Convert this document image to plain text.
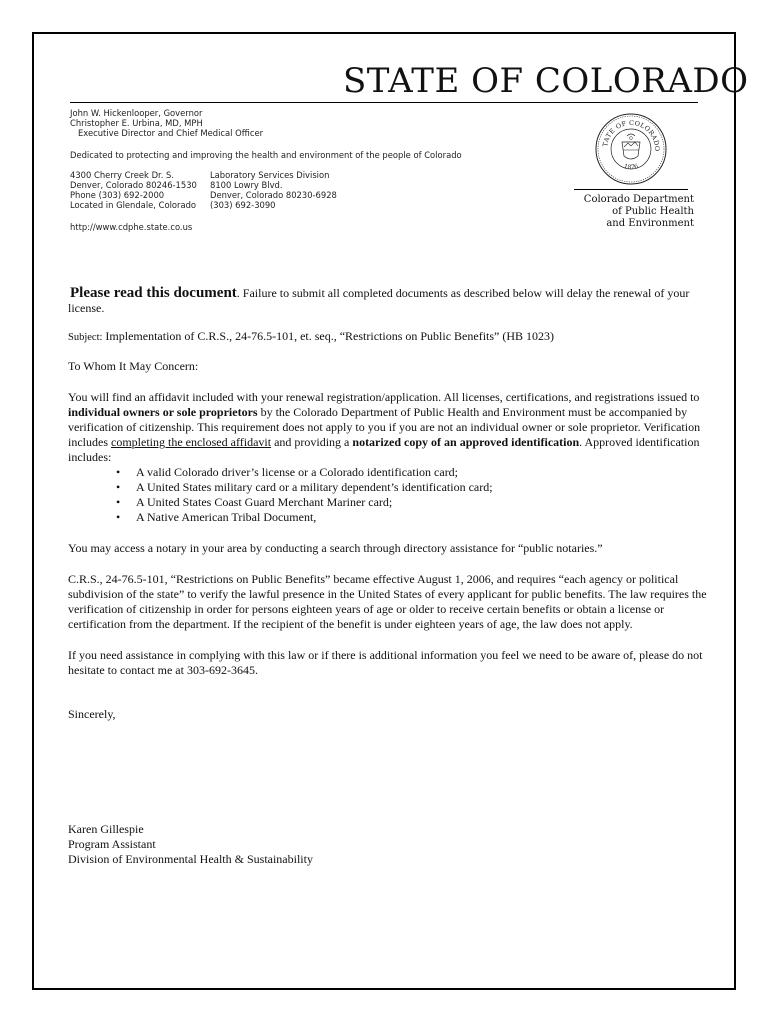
STATE OF COLORADO
John W. Hickenlooper, Governor
Christopher E. Urbina, MD, MPH
Executive Director and Chief Medical Officer
Dedicated to protecting and improving the health and environment of the people of Colorado
4300 Cherry Creek Dr. S.
Denver, Colorado 80246-1530
Phone (303) 692-2000
Located in Glendale, Colorado
Laboratory Services Division
8100 Lowry Blvd.
Denver, Colorado 80230-6928
(303) 692-3090
http://www.cdphe.state.co.us
TATE OF COLORADO
1876
Colorado Department
of Public Health
and Environment

Please read this document. Failure to submit all completed documents as described below will delay the renewal of your license.

Subject: Implementation of C.R.S., 24-76.5-101, et. seq., “Restrictions on Public Benefits” (HB 1023)

To Whom It May Concern:

You will find an affidavit included with your renewal registration/application. All licenses, certifications, and registrations issued to individual owners or sole proprietors by the Colorado Department of Public Health and Environment must be accompanied by verification of citizenship. This requirement does not apply to you if you are not an individual owner or sole proprietor. Verification includes completing the enclosed affidavit and providing a notarized copy of an approved identification. Approved identification includes:

• A valid Colorado driver’s license or a Colorado identification card;
• A United States military card or a military dependent’s identification card;
• A United States Coast Guard Merchant Mariner card;
• A Native American Tribal Document,

You may access a notary in your area by conducting a search through directory assistance for “public notaries.”

C.R.S., 24-76.5-101, “Restrictions on Public Benefits” became effective August 1, 2006, and requires “each agency or political subdivision of the state” to verify the lawful presence in the United States of every applicant for public benefits. The law requires the verification of citizenship in order for persons eighteen years of age or older to receive certain benefits or obtain a license or certification from the department. If the recipient of the benefit is under eighteen years of age, the law does not apply.

If you need assistance in complying with this law or if there is additional information you feel we need to be aware of, please do not hesitate to contact me at 303-692-3645.

Sincerely,

Karen Gillespie

Program Assistant

Division of Environmental Health & Sustainability
